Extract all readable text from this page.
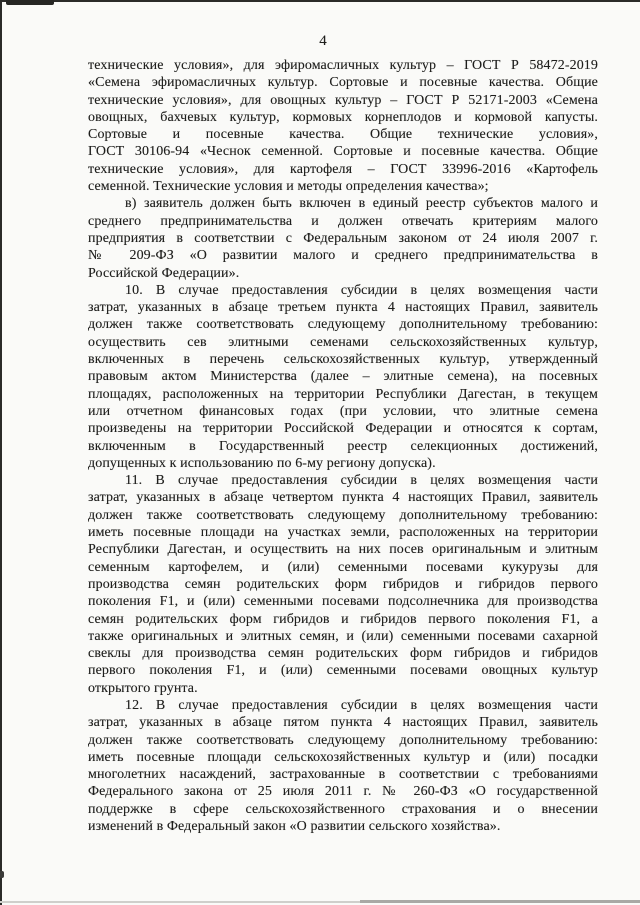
4
технические условия», для эфиромасличных культур – ГОСТ Р 58472-2019
«Семена эфиромасличных культур. Сортовые и посевные качества. Общие
технические условия», для овощных культур – ГОСТ Р 52171-2003 «Семена
овощных, бахчевых культур, кормовых корнеплодов и кормовой капусты.
Сортовые и посевные качества. Общие технические условия»,
ГОСТ 30106-94 «Чеснок семенной. Сортовые и посевные качества. Общие
технические условия», для картофеля – ГОСТ 33996-2016 «Картофель
семенной. Технические условия и методы определения качества»;
в) заявитель должен быть включен в единый реестр субъектов малого и
среднего предпринимательства и должен отвечать критериям малого
предприятия в соответствии с Федеральным законом от 24 июля 2007 г.
№ 209-ФЗ «О развитии малого и среднего предпринимательства в
Российской Федерации».
10. В случае предоставления субсидии в целях возмещения части
затрат, указанных в абзаце третьем пункта 4 настоящих Правил, заявитель
должен также соответствовать следующему дополнительному требованию:
осуществить сев элитными семенами сельскохозяйственных культур,
включенных в перечень сельскохозяйственных культур, утвержденный
правовым актом Министерства (далее – элитные семена), на посевных
площадях, расположенных на территории Республики Дагестан, в текущем
или отчетном финансовых годах (при условии, что элитные семена
произведены на территории Российской Федерации и относятся к сортам,
включенным в Государственный реестр селекционных достижений,
допущенных к использованию по 6-му региону допуска).
11. В случае предоставления субсидии в целях возмещения части
затрат, указанных в абзаце четвертом пункта 4 настоящих Правил, заявитель
должен также соответствовать следующему дополнительному требованию:
иметь посевные площади на участках земли, расположенных на территории
Республики Дагестан, и осуществить на них посев оригинальным и элитным
семенным картофелем, и (или) семенными посевами кукурузы для
производства семян родительских форм гибридов и гибридов первого
поколения F1, и (или) семенными посевами подсолнечника для производства
семян родительских форм гибридов и гибридов первого поколения F1, а
также оригинальных и элитных семян, и (или) семенными посевами сахарной
свеклы для производства семян родительских форм гибридов и гибридов
первого поколения F1, и (или) семенными посевами овощных культур
открытого грунта.
12. В случае предоставления субсидии в целях возмещения части
затрат, указанных в абзаце пятом пункта 4 настоящих Правил, заявитель
должен также соответствовать следующему дополнительному требованию:
иметь посевные площади сельскохозяйственных культур и (или) посадки
многолетних насаждений, застрахованные в соответствии с требованиями
Федерального закона от 25 июля 2011 г. № 260-ФЗ «О государственной
поддержке в сфере сельскохозяйственного страхования и о внесении
изменений в Федеральный закон «О развитии сельского хозяйства».
